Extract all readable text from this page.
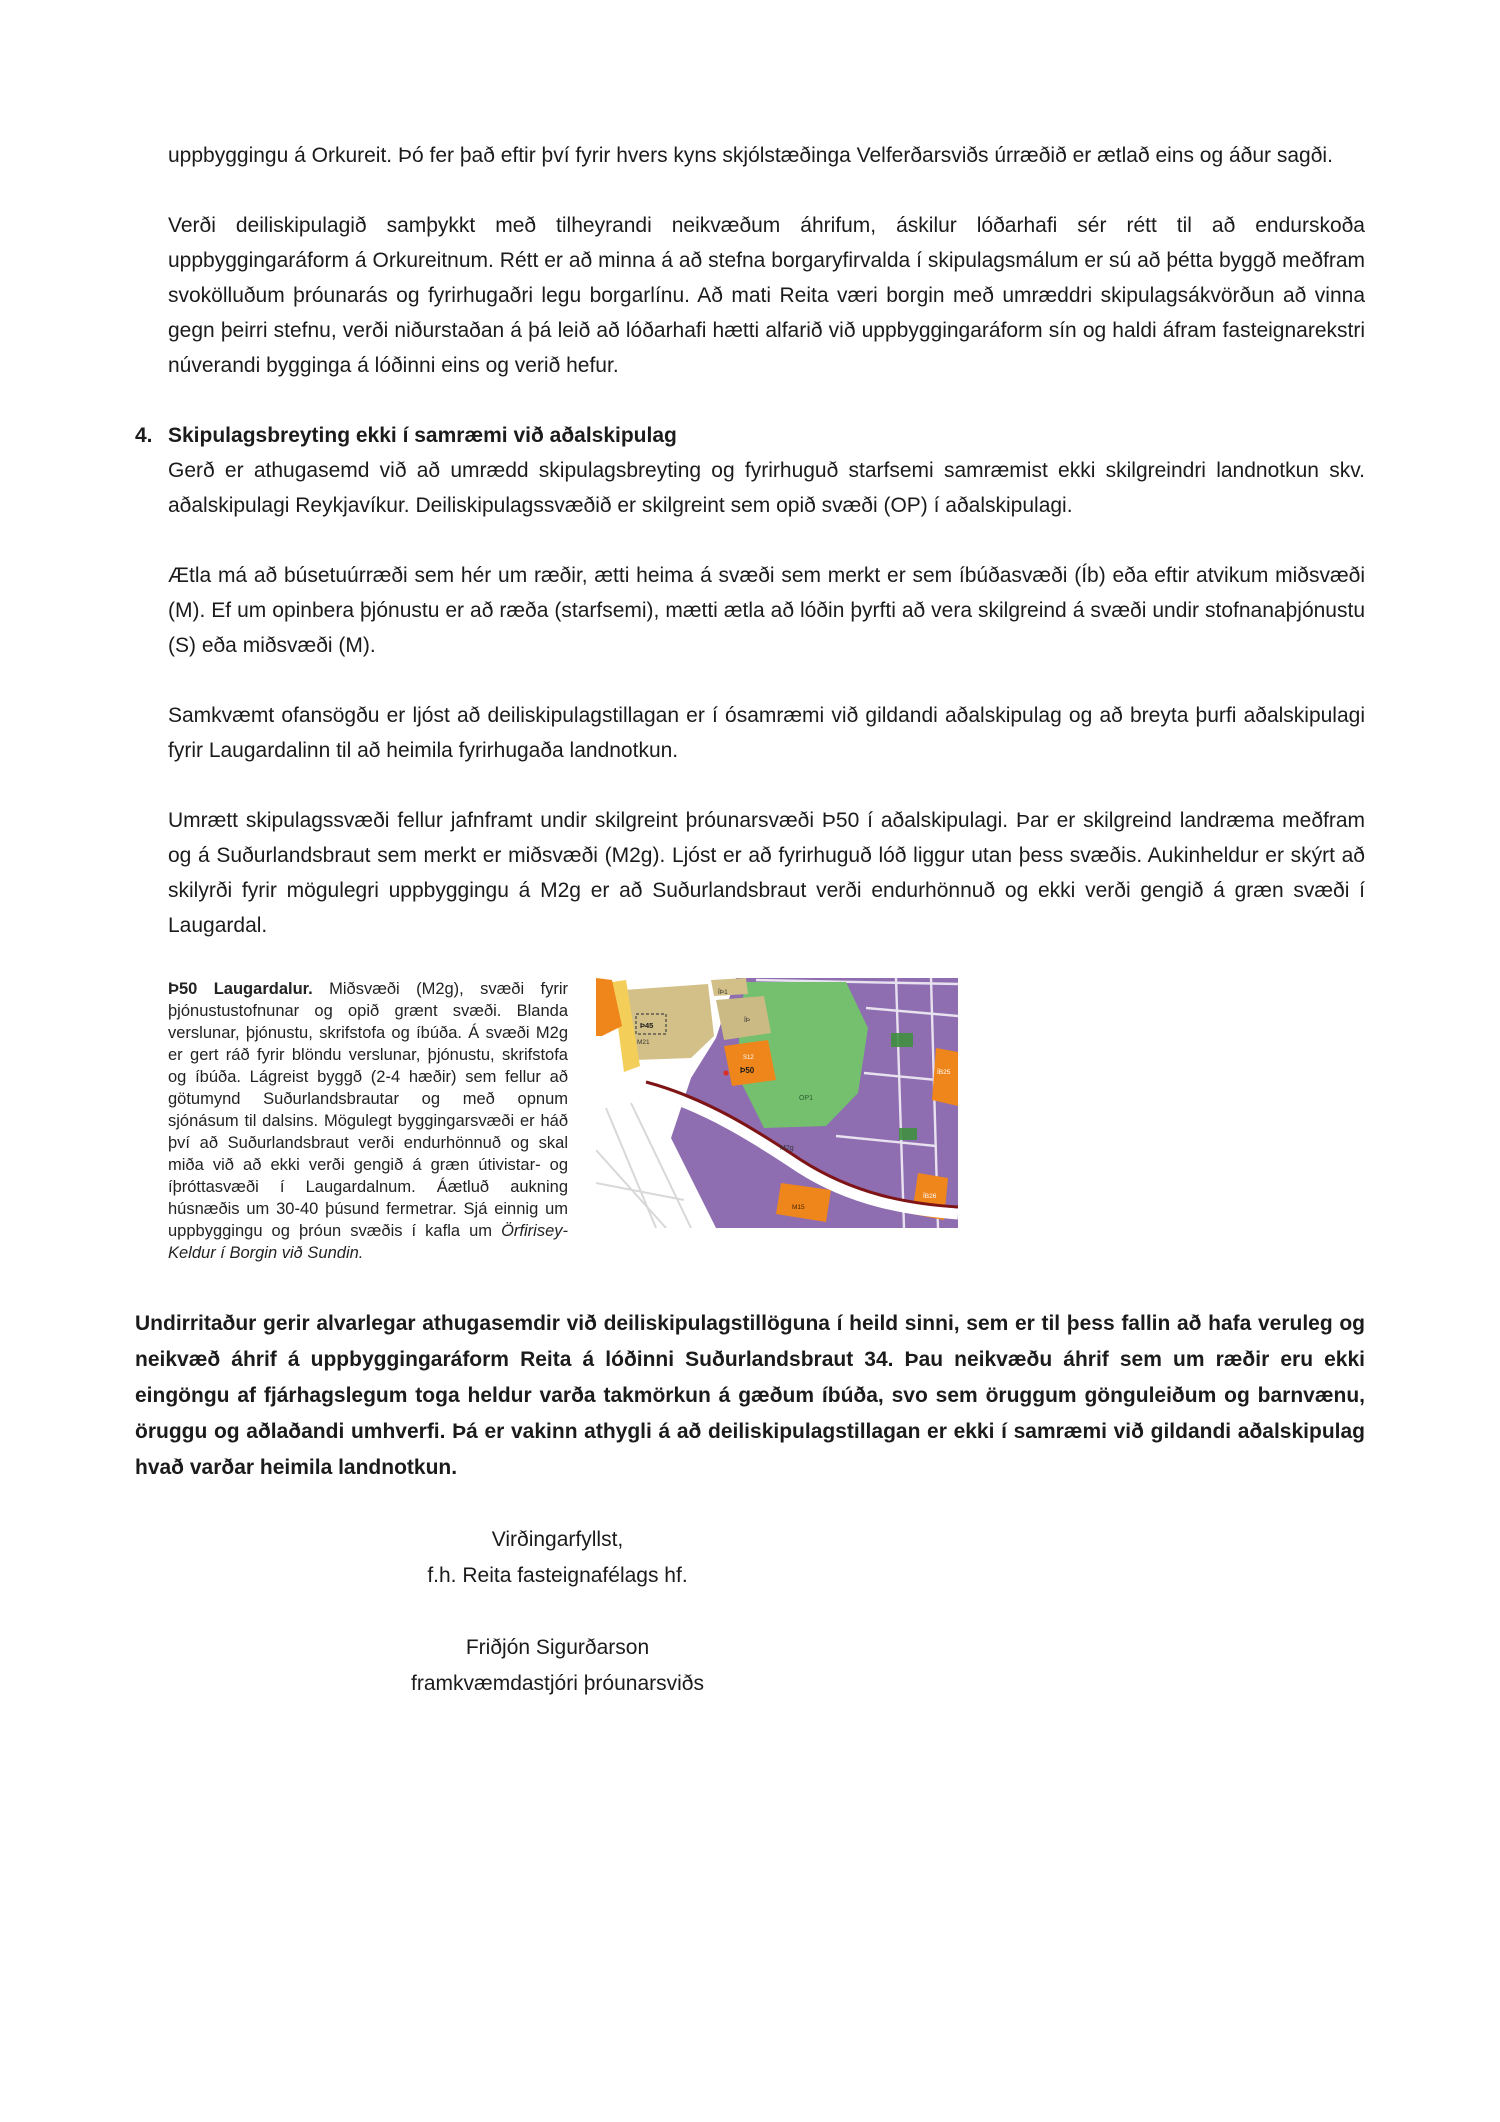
uppbyggingu á Orkureit. Þó fer það eftir því fyrir hvers kyns skjólstæðinga Velferðarsviðs úrræðið er ætlað eins og áður sagði.

Verði deiliskipulagið samþykkt með tilheyrandi neikvæðum áhrifum, áskilur lóðarhafi sér rétt til að endurskoða uppbyggingaráform á Orkureitnum. Rétt er að minna á að stefna borgaryfirvalda í skipulagsmálum er sú að þétta byggð meðfram svokölluðum þróunarás og fyrirhugaðri legu borgarlínu. Að mati Reita væri borgin með umræddri skipulagsákvörðun að vinna gegn þeirri stefnu, verði niðurstaðan á þá leið að lóðarhafi hætti alfarið við uppbyggingaráform sín og haldi áfram fasteignarekstri núverandi bygginga á lóðinni eins og verið hefur.

4. Skipulagsbreyting ekki í samræmi við aðalskipulag

Gerð er athugasemd við að umrædd skipulagsbreyting og fyrirhuguð starfsemi samræmist ekki skilgreindri landnotkun skv. aðalskipulagi Reykjavíkur. Deiliskipulagssvæðið er skilgreint sem opið svæði (OP) í aðalskipulagi.

Ætla má að búsetuúrræði sem hér um ræðir, ætti heima á svæði sem merkt er sem íbúðasvæði (Íb) eða eftir atvikum miðsvæði (M). Ef um opinbera þjónustu er að ræða (starfsemi), mætti ætla að lóðin þyrfti að vera skilgreind á svæði undir stofnanaþjónustu (S) eða miðsvæði (M).

Samkvæmt ofansögðu er ljóst að deiliskipulagstillagan er í ósamræmi við gildandi aðalskipulag og að breyta þurfi aðalskipulagi fyrir Laugardalinn til að heimila fyrirhugaða landnotkun.

Umrætt skipulagssvæði fellur jafnframt undir skilgreint þróunarsvæði Þ50 í aðalskipulagi. Þar er skilgreind landræma meðfram og á Suðurlandsbraut sem merkt er miðsvæði (M2g). Ljóst er að fyrirhuguð lóð liggur utan þess svæðis. Aukinheldur er skýrt að skilyrði fyrir mögulegri uppbyggingu á M2g er að Suðurlandsbraut verði endurhönnuð og ekki verði gengið á græn svæði í Laugardal.

Þ50 Laugardalur. Miðsvæði (M2g), svæði fyrir þjónustustofnunar og opið grænt svæði. Blanda verslunar, þjónustu, skrifstofa og íbúða. Á svæði M2g er gert ráð fyrir blöndu verslunar, þjónustu, skrifstofa og íbúða. Lágreist byggð (2-4 hæðir) sem fellur að götumynd Suðurlandsbrautar og með opnum sjónásum til dalsins. Mögulegt byggingarsvæði er háð því að Suðurlandsbraut verði endurhönnuð og skal miða við að ekki verði gengið á græn útivistar- og íþróttasvæði í Laugardalnum. Áætluð aukning húsnæðis um 30-40 þúsund fermetrar. Sjá einnig um uppbyggingu og þróun svæðis í kafla um Örfirisey-Keldur í Borgin við Sundin.
ÍÞ1
Þ45
M21
ÍÞ
S12
Þ50
OP1
M2g
M15
ÍB25
ÍB26

Undirritaður gerir alvarlegar athugasemdir við deiliskipulagstillöguna í heild sinni, sem er til þess fallin að hafa veruleg og neikvæð áhrif á uppbyggingaráform Reita á lóðinni Suðurlandsbraut 34. Þau neikvæðu áhrif sem um ræðir eru ekki eingöngu af fjárhagslegum toga heldur varða takmörkun á gæðum íbúða, svo sem öruggum gönguleiðum og barnvænu, öruggu og aðlaðandi umhverfi. Þá er vakinn athygli á að deiliskipulagstillagan er ekki í samræmi við gildandi aðalskipulag hvað varðar heimila landnotkun.

Virðingarfyllst,
f.h. Reita fasteignafélags hf.
Friðjón Sigurðarson
framkvæmdastjóri þróunarsviðs
